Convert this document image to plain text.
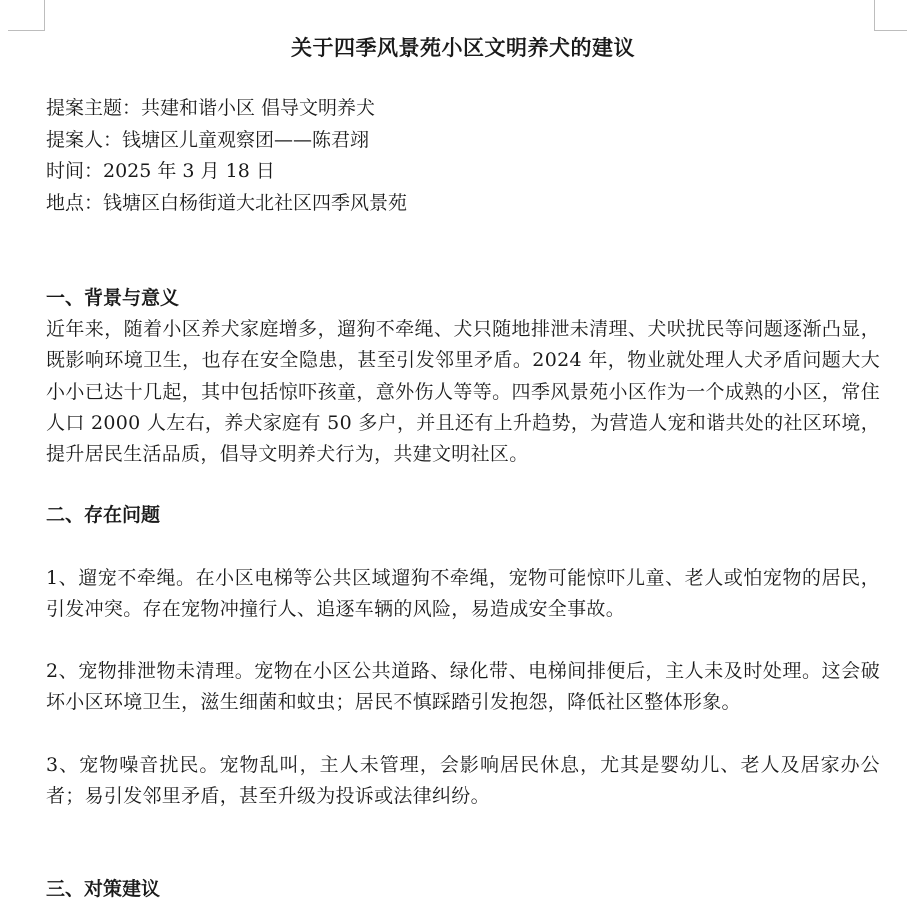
关于四季风景苑小区文明养犬的建议
提案主题：共建和谐小区 倡导文明养犬
提案人：钱塘区儿童观察团——陈君翊
时间：2025 年 3 月 18 日
地点：钱塘区白杨街道大北社区四季风景苑
一、背景与意义

近年来，随着小区养犬家庭增多，遛狗不牵绳、犬只随地排泄未清理、犬吠扰民等问题逐渐凸显，既影响环境卫生，也存在安全隐患，甚至引发邻里矛盾。2024 年，物业就处理人犬矛盾问题大大小小已达十几起，其中包括惊吓孩童，意外伤人等等。四季风景苑小区作为一个成熟的小区，常住人口 2000 人左右，养犬家庭有 50 多户，并且还有上升趋势，为营造人宠和谐共处的社区环境，提升居民生活品质，倡导文明养犬行为，共建文明社区。

二、存在问题

1、遛宠不牵绳。在小区电梯等公共区域遛狗不牵绳，宠物可能惊吓儿童、老人或怕宠物的居民，引发冲突。存在宠物冲撞行人、追逐车辆的风险，易造成安全事故。

2、宠物排泄物未清理。宠物在小区公共道路、绿化带、电梯间排便后，主人未及时处理。这会破坏小区环境卫生，滋生细菌和蚊虫；居民不慎踩踏引发抱怨，降低社区整体形象。

3、宠物噪音扰民。宠物乱叫，主人未管理，会影响居民休息，尤其是婴幼儿、老人及居家办公者；易引发邻里矛盾，甚至升级为投诉或法律纠纷。

三、对策建议
